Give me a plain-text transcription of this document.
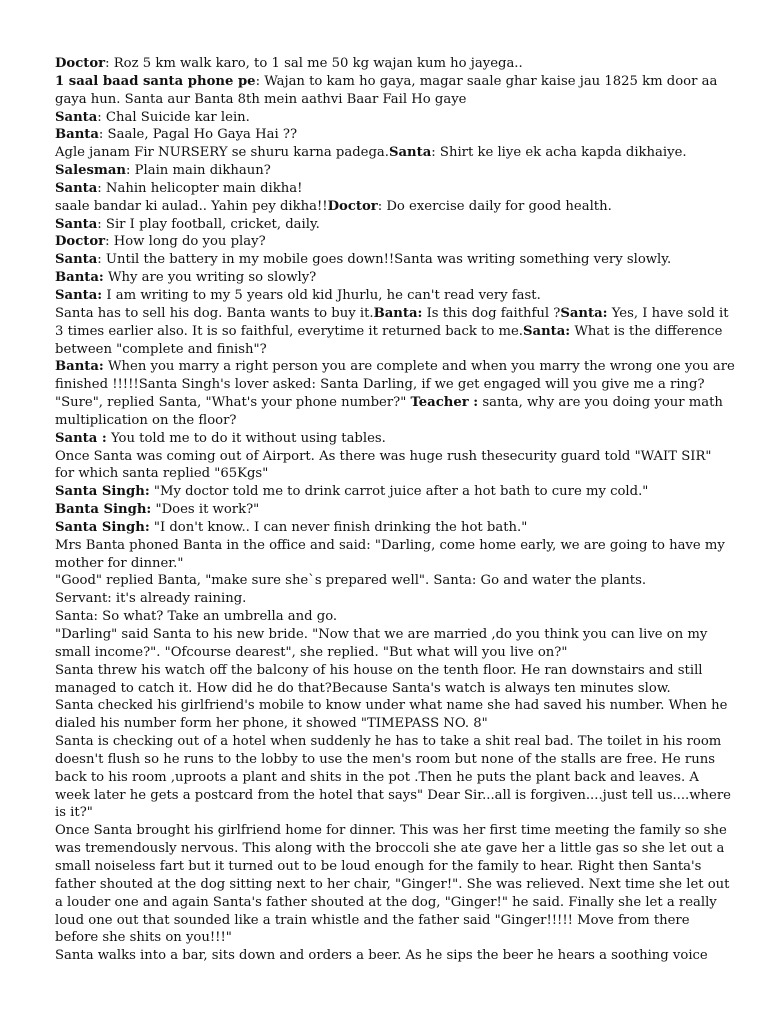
Doctor: Roz 5 km walk karo, to 1 sal me 50 kg wajan kum ho jayega..
1 saal baad santa phone pe: Wajan to kam ho gaya, magar saale ghar kaise jau 1825 km door aa
gaya hun. Santa aur Banta 8th mein aathvi Baar Fail Ho gaye
Santa: Chal Suicide kar lein.
Banta: Saale, Pagal Ho Gaya Hai ??
Agle janam Fir NURSERY se shuru karna padega.Santa: Shirt ke liye ek acha kapda dikhaiye.
Salesman: Plain main dikhaun?
Santa: Nahin helicopter main dikha!
saale bandar ki aulad.. Yahin pey dikha!!Doctor: Do exercise daily for good health.
Santa: Sir I play football, cricket, daily.
Doctor: How long do you play?
Santa: Until the battery in my mobile goes down!!Santa was writing something very slowly.
Banta: Why are you writing so slowly?
Santa: I am writing to my 5 years old kid Jhurlu, he can't read very fast.
Santa has to sell his dog. Banta wants to buy it.Banta: Is this dog faithful ?Santa: Yes, I have sold it
3 times earlier also. It is so faithful, everytime it returned back to me.Santa: What is the difference
between "complete and finish"?
Banta: When you marry a right person you are complete and when you marry the wrong one you are
finished !!!!!Santa Singh's lover asked: Santa Darling, if we get engaged will you give me a ring?
"Sure", replied Santa, "What's your phone number?" Teacher : santa, why are you doing your math
multiplication on the floor?
Santa : You told me to do it without using tables.
Once Santa was coming out of Airport. As there was huge rush thesecurity guard told "WAIT SIR"
for which santa replied "65Kgs"
Santa Singh: "My doctor told me to drink carrot juice after a hot bath to cure my cold."
Banta Singh: "Does it work?"
Santa Singh: "I don't know.. I can never finish drinking the hot bath."
Mrs Banta phoned Banta in the office and said: "Darling, come home early, we are going to have my
mother for dinner."
"Good" replied Banta, "make sure she`s prepared well". Santa: Go and water the plants.
Servant: it's already raining.
Santa: So what? Take an umbrella and go.
"Darling" said Santa to his new bride. "Now that we are married ,do you think you can live on my
small income?". "Ofcourse dearest", she replied. "But what will you live on?"
Santa threw his watch off the balcony of his house on the tenth floor. He ran downstairs and still
managed to catch it. How did he do that?Because Santa's watch is always ten minutes slow.
Santa checked his girlfriend's mobile to know under what name she had saved his number. When he
dialed his number form her phone, it showed "TIMEPASS NO. 8"
Santa is checking out of a hotel when suddenly he has to take a shit real bad. The toilet in his room
doesn't flush so he runs to the lobby to use the men's room but none of the stalls are free. He runs
back to his room ,uproots a plant and shits in the pot .Then he puts the plant back and leaves. A
week later he gets a postcard from the hotel that says" Dear Sir...all is forgiven....just tell us....where
is it?"
Once Santa brought his girlfriend home for dinner. This was her first time meeting the family so she
was tremendously nervous. This along with the broccoli she ate gave her a little gas so she let out a
small noiseless fart but it turned out to be loud enough for the family to hear. Right then Santa's
father shouted at the dog sitting next to her chair, "Ginger!". She was relieved. Next time she let out
a louder one and again Santa's father shouted at the dog, "Ginger!" he said. Finally she let a really
loud one out that sounded like a train whistle and the father said "Ginger!!!!! Move from there
before she shits on you!!!"
Santa walks into a bar, sits down and orders a beer. As he sips the beer he hears a soothing voice
